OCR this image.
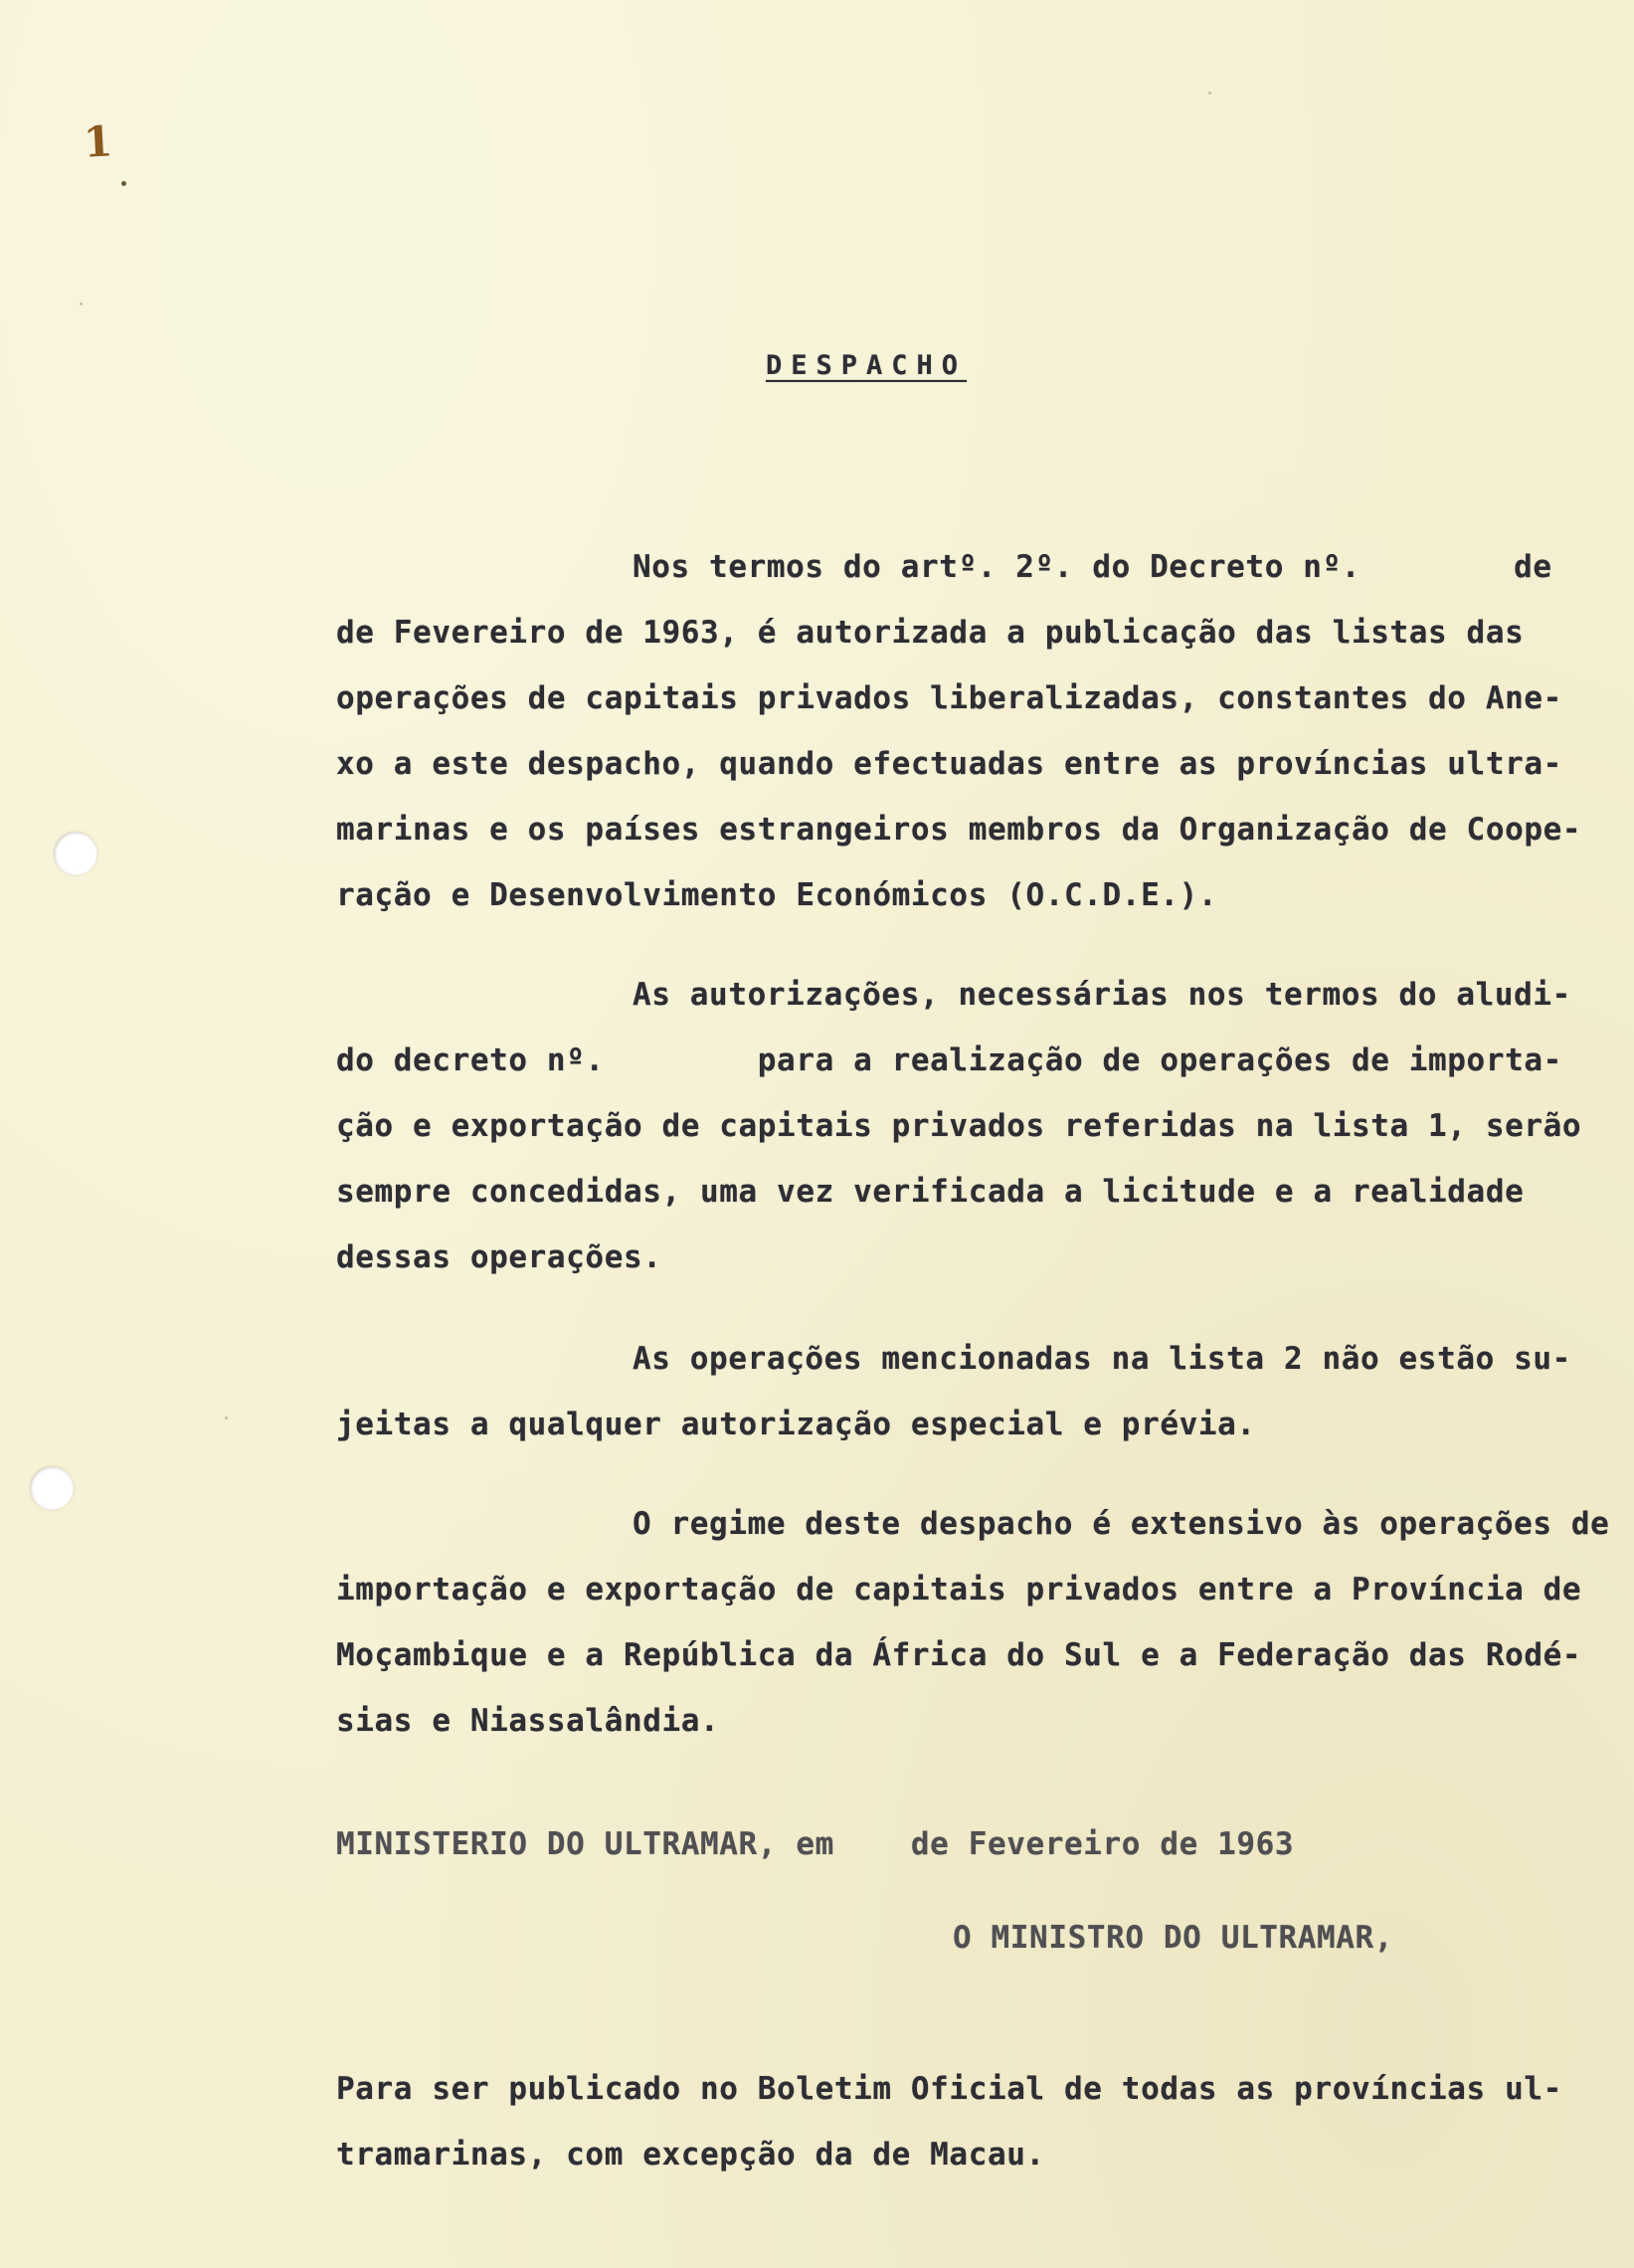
1
DESPACHO
Nos termos do artº. 2º. do Decreto nº.        de
de Fevereiro de 1963, é autorizada a publicação das listas das
operações de capitais privados liberalizadas, constantes do Ane-
xo a este despacho, quando efectuadas entre as províncias ultra-
marinas e os países estrangeiros membros da Organização de Coope-
ração e Desenvolvimento Económicos (O.C.D.E.).
As autorizações, necessárias nos termos do aludi-
do decreto nº.        para a realização de operações de importa-
ção e exportação de capitais privados referidas na lista 1, serão
sempre concedidas, uma vez verificada a licitude e a realidade
dessas operações.
As operações mencionadas na lista 2 não estão su-
jeitas a qualquer autorização especial e prévia.
O regime deste despacho é extensivo às operações de
importação e exportação de capitais privados entre a Província de
Moçambique e a República da África do Sul e a Federação das Rodé-
sias e Niassalândia.
MINISTERIO DO ULTRAMAR, em    de Fevereiro de 1963
O MINISTRO DO ULTRAMAR,
Para ser publicado no Boletim Oficial de todas as províncias ul-
tramarinas, com excepção da de Macau.
